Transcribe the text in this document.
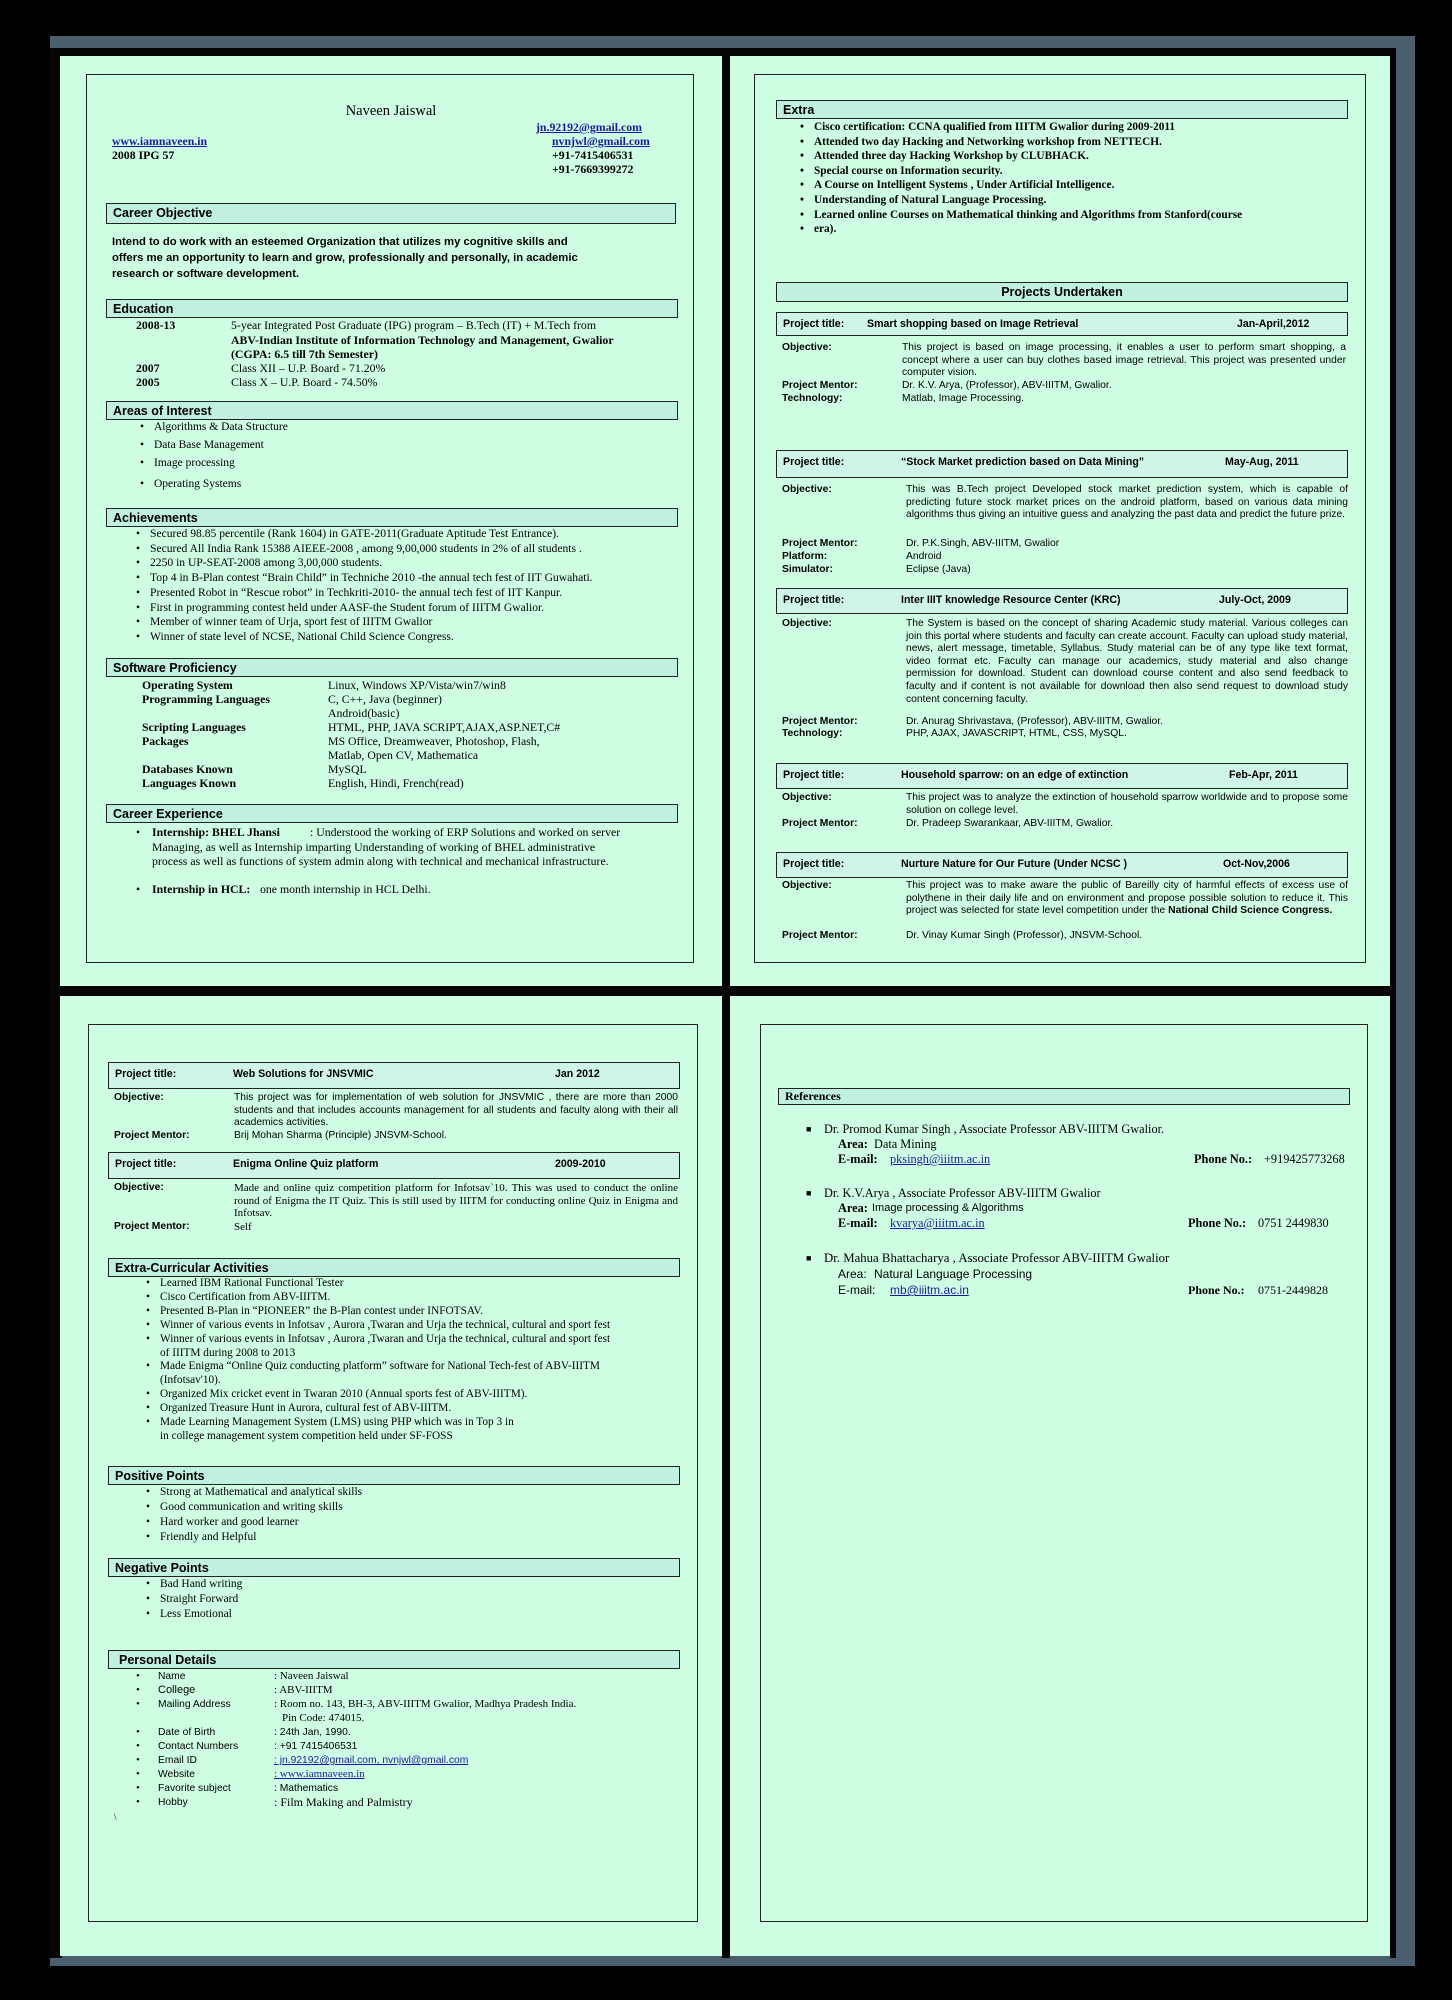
Naveen Jaiswal
www.iamnaveen.in
2008 IPG 57
jn.92192@gmail.com
nvnjwl@gmail.com
+91-7415406531
+91-7669399272
Career Objective
Intend to do work with an esteemed Organization that utilizes my cognitive skills and
offers me an opportunity to learn and grow, professionally and personally, in academic
research or software development.
Education
2008-13	5-year Integrated Post Graduate (IPG) program – B.Tech (IT) + M.Tech from
ABV-Indian Institute of Information Technology and Management, Gwalior
(CGPA: 6.5 till 7th Semester)
2007	Class XII – U.P. Board - 71.20%
2005	Class X – U.P. Board - 74.50%
Areas of Interest
• Algorithms & Data Structure
• Data Base Management
• Image processing
• Operating Systems
Achievements
• Secured 98.85 percentile (Rank 1604) in GATE-2011(Graduate Aptitude Test Entrance).
• Secured All India Rank 15388 AIEEE-2008 , among 9,00,000 students in 2% of all students .
• 2250 in UP-SEAT-2008 among 3,00,000 students.
• Top 4 in B-Plan contest “Brain Child” in Techniche 2010 -the annual tech fest of IIT Guwahati.
• Presented Robot in “Rescue robot” in Techkriti-2010- the annual tech fest of IIT Kanpur.
• First in programming contest held under AASF-the Student forum of IIITM Gwalior.
• Member of winner team of Urja, sport fest of IIITM Gwalior
• Winner of state level of NCSE, National Child Science Congress.
Software Proficiency
Operating System	Linux, Windows XP/Vista/win7/win8
Programming Languages	C, C++, Java (beginner)
Android(basic)
Scripting Languages	HTML, PHP, JAVA SCRIPT,AJAX,ASP.NET,C#
Packages	MS Office, Dreamweaver, Photoshop, Flash,
Matlab, Open CV, Mathematica
Databases Known	MySQL
Languages Known	English, Hindi, French(read)
Career Experience
• Internship: BHEL Jhansi	: Understood the working of ERP Solutions and worked on server
Managing, as well as Internship imparting Understanding of working of BHEL administrative
process as well as functions of system admin along with technical and mechanical infrastructure.
• Internship in HCL: one month internship in HCL Delhi.
Extra
• Cisco certification: CCNA qualified from IIITM Gwalior during 2009-2011
• Attended two day Hacking and Networking workshop from NETTECH.
• Attended three day Hacking Workshop by CLUBHACK.
• Special course on Information security.
• A Course on Intelligent Systems , Under Artificial Intelligence.
• Understanding of Natural Language Processing.
• Learned online Courses on Mathematical thinking and Algorithms from Stanford(course
• era).
Projects Undertaken
Project title: Smart shopping based on Image Retrieval	Jan-April,2012
Objective:	This project is based on image processing, it enables a user to perform smart shopping, a concept where a user can buy clothes based image retrieval. This project was presented under computer vision.
Project Mentor:	Dr. K.V. Arya, (Professor), ABV-IIITM, Gwalior.
Technology:	Matlab, Image Processing.
Project title:	“Stock Market prediction based on Data Mining”	May-Aug, 2011
Objective:	This was B.Tech project Developed stock market prediction system, which is capable of predicting future stock market prices on the android platform, based on various data mining algorithms thus giving an intuitive guess and analyzing the past data and predict the future prize.
Project Mentor:	Dr. P.K.Singh, ABV-IIITM, Gwalior
Platform:	Android
Simulator:	Eclipse (Java)
Project title:	Inter IIIT knowledge Resource Center (KRC)	July-Oct, 2009
Objective:	The System is based on the concept of sharing Academic study material. Various colleges can join this portal where students and faculty can create account. Faculty can upload study material, news, alert message, timetable, Syllabus. Study material can be of any type like text format, video format etc. Faculty can manage our academics, study material and also change permission for download. Student can download course content and also send feedback to faculty and if content is not available for download then also send request to download study content concerning faculty.
Project Mentor:	Dr. Anurag Shrivastava, (Professor), ABV-IIITM, Gwalior.
Technology:	PHP, AJAX, JAVASCRIPT, HTML, CSS, MySQL.
Project title:	Household sparrow: on an edge of extinction	Feb-Apr, 2011
Objective:	This project was to analyze the extinction of household sparrow worldwide and to propose some solution on college level.
Project Mentor:	Dr. Pradeep Swarankaar, ABV-IIITM, Gwalior.
Project title:	Nurture Nature for Our Future (Under NCSC )	Oct-Nov,2006
Objective:	This project was to make aware the public of Bareilly city of harmful effects of excess use of polythene in their daily life and on environment and propose possible solution to reduce it. This project was selected for state level competition under the National Child Science Congress.
Project Mentor:	Dr. Vinay Kumar Singh (Professor), JNSVM-School.
Project title:	Web Solutions for JNSVMIC	Jan 2012
Objective:	This project was for implementation of web solution for JNSVMIC , there are more than 2000 students and that includes accounts management for all students and faculty along with their all academics activities.
Project Mentor:	Brij Mohan Sharma (Principle) JNSVM-School.
Project title:	Enigma Online Quiz platform	2009-2010
Objective:	Made and online quiz competition platform for Infotsav`10. This was used to conduct the online round of Enigma the IT Quiz. This is still used by IIITM for conducting online Quiz in Enigma and Infotsav.
Project Mentor:	Self
Extra-Curricular Activities
• Learned IBM Rational Functional Tester
• Cisco Certification from ABV-IIITM.
• Presented B-Plan in “PIONEER” the B-Plan contest under INFOTSAV.
• Winner of various events in Infotsav , Aurora ,Twaran and Urja the technical, cultural and sport fest
• Winner of various events in Infotsav , Aurora ,Twaran and Urja the technical, cultural and sport fest
of IIITM during 2008 to 2013
• Made Enigma “Online Quiz conducting platform” software for National Tech-fest of ABV-IIITM
(Infotsav'10).
• Organized Mix cricket event in Twaran 2010 (Annual sports fest of ABV-IIITM).
• Organized Treasure Hunt in Aurora, cultural fest of ABV-IIITM.
• Made Learning Management System (LMS) using PHP which was in Top 3 in
in college management system competition held under SF-FOSS
Positive Points
• Strong at Mathematical and analytical skills
• Good communication and writing skills
• Hard worker and good learner
• Friendly and Helpful
Negative Points
• Bad Hand writing
• Straight Forward
• Less Emotional
Personal Details
• Name	: Naveen Jaiswal
• College	: ABV-IIITM
• Mailing Address	: Room no. 143, BH-3, ABV-IIITM Gwalior, Madhya Pradesh India.
Pin Code: 474015.
• Date of Birth	: 24th Jan, 1990.
• Contact Numbers	: +91 7415406531
• Email ID	: jn.92192@gmail.com, nvnjwl@gmail.com
• Website	: www.iamnaveen.in
• Favorite subject	: Mathematics
• Hobby	: Film Making and Palmistry
\
References
■ Dr. Promod Kumar Singh , Associate Professor ABV-IIITM Gwalior.
Area: Data Mining
E-mail: pksingh@iiitm.ac.in	Phone No.: +919425773268
■ Dr. K.V.Arya , Associate Professor ABV-IIITM Gwalior
Area: Image processing & Algorithms
E-mail: kvarya@iiitm.ac.in	Phone No.: 0751 2449830
■ Dr. Mahua Bhattacharya , Associate Professor ABV-IIITM Gwalior
Area: Natural Language Processing
E-mail: mb@iiitm.ac.in	Phone No.: 0751-2449828
